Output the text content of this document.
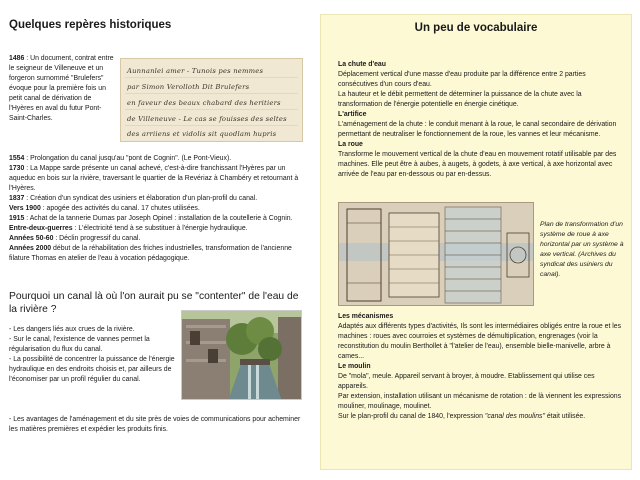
Quelques repères historiques

1486 : Un document, contrat entre le seigneur de Villeneuve et un forgeron surnommé "Brulefers" évoque pour la première fois un petit canal de dérivation de l'Hyères en aval du futur Pont-Saint-Charles.

Aunnanlei amer - Tunois pes nemmes
par Simon Verolloth Dit Brulefers
en faveur des beaux chabard des heritiers
de Villeneuve - Le cas se fouisses des seltes
des arriiens et vidolis sit quodlam hupris

1554 : Prolongation du canal jusqu'au "pont de Cognin". (Le Pont-Vieux).

1730 : La Mappe sarde présente un canal achevé, c'est-à-dire franchissant l'Hyères par un aqueduc en bois sur la rivière, traversant le quartier de la Revériaz à Chambéry et retournant à l'Hyères.

1837 : Création d'un syndicat des usiniers et élaboration d'un plan-profil du canal.

Vers 1900 : apogée des activités du canal. 17 chutes utilisées.

1915 : Achat de la tannerie Dumas par Joseph Opinel : installation de la coutellerie à Cognin.

Entre-deux-guerres : L'électricité tend à se substituer à l'énergie hydraulique.

Années 50-60 : Déclin progressif du canal.

Années 2000 début de la réhabilitation des friches industrielles, transformation de l'ancienne filature Thomas en atelier de l'eau à vocation pédagogique.

Pourquoi un canal là où l'on aurait pu se "contenter" de l'eau de la rivière ?

- Les dangers liés aux crues de la rivière.

- Sur le canal, l'existence de vannes permet la régularisation du flux du canal.

- La possibilité de concentrer la puissance de l'énergie hydraulique en des endroits choisis et, par ailleurs de l'économiser par un profil régulier du canal.

- Les avantages de l'aménagement et du site près de voies de communications pour acheminer les matières premières et expédier les produits finis.

Un peu de vocabulaire

La chute d'eau

Déplacement vertical d'une masse d'eau produite par la différence entre 2 parties consécutives d'un cours d'eau.

La hauteur et le débit permettent de déterminer la puissance de la chute avec la transformation de l'énergie potentielle en énergie cinétique.

L'artifice

L'aménagement de la chute : le conduit menant à la roue, le canal secondaire de dérivation permettant de neutraliser le fonctionnement de la roue, les vannes et leur mécanisme.

La roue

Transforme le mouvement vertical de la chute d'eau en mouvement rotatif utilisable par des machines. Elle peut être à aubes, à augets, à godets, à axe vertical, à axe horizontal avec arrivée de l'eau par en-dessous ou par en-dessus.

Plan de transformation d'un système de roue à axe horizontal par un système à axe vertical. (Archives du syndicat des usiniers du canal).

Les mécanismes

Adaptés aux différents types d'activités, Ils sont les intermédiaires obligés entre la roue et les machines : roues avec courroies et systèmes de démultiplication, engrenages (voir la reconstitution du moulin Berthollet à "l'atelier de l'eau), ensemble bielle-manivelle, arbre à cames...

Le moulin

De "mola", meule. Appareil servant à broyer, à moudre. Etablissement qui utilise ces appareils.

Par extension, installation utilisant un mécanisme de rotation : de là viennent les expressions mouliner, moulinage, moulinet.

Sur le plan-profil du canal de 1840, l'expression "canal des moulins" était utilisée.
